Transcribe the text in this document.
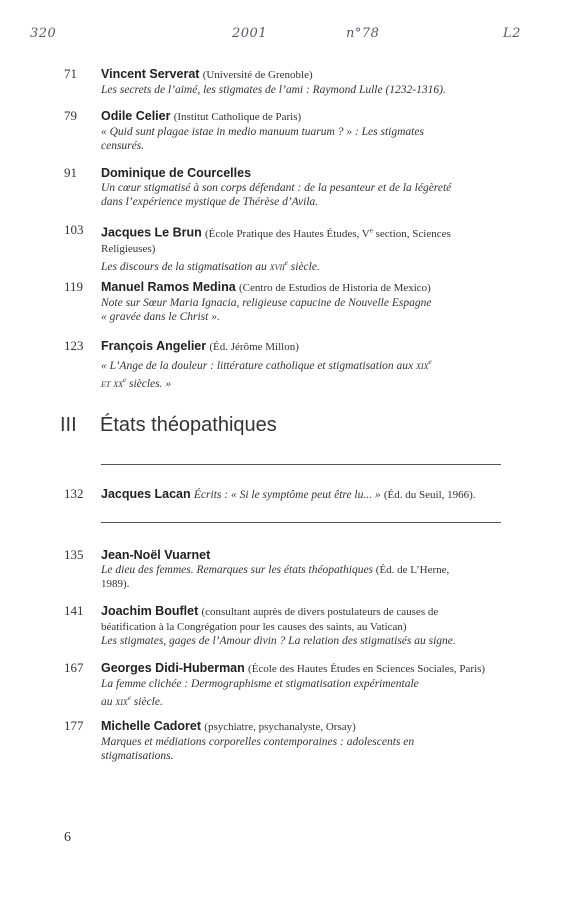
320	2001	n°78	L2
71	Vincent Serverat (Université de Grenoble)
Les secrets de l’aimé, les stigmates de l’ami : Raymond Lulle (1232-1316).
79	Odile Celier (Institut Catholique de Paris)
« Quid sunt plagae istae in medio manuum tuarum ? » : Les stigmates
censurés.
91	Dominique de Courcelles
Un cœur stigmatisé à son corps défendant : de la pesanteur et de la légèreté
dans l’expérience mystique de Thérèse d’Avila.
103	Jacques Le Brun (École Pratique des Hautes Études, Ve section, Sciences
Religieuses)
Les discours de la stigmatisation au xvii$^e$ siècle.
119	Manuel Ramos Medina (Centro de Estudios de Historia de Mexico)
Note sur Sœur Maria Ignacia, religieuse capucine de Nouvelle Espagne
« gravée dans le Christ ».
123	François Angelier (Éd. Jérôme Millon)
« L’Ange de la douleur : littérature catholique et stigmatisation aux xix$^e$
et $xx^e$ siècles. »
III États théopathiques
132	Jacques Lacan Écrits : « Si le symptôme peut être lu... » (Éd. du Seuil, 1966).
135	Jean-Noël Vuarnet
Le dieu des femmes. Remarques sur les états théopathiques (Éd. de L’Herne,
1989).
141	Joachim Bouflet (consultant auprès de divers postulateurs de causes de
béatification à la Congrégation pour les causes des saints, au Vatican)
Les stigmates, gages de l’Amour divin ? La relation des stigmatisés au signe.
167	Georges Didi-Huberman (École des Hautes Études en Sciences Sociales, Paris)
La femme clichée : Dermographisme et stigmatisation expérimentale
au xix$^e$ siècle.
177	Michelle Cadoret (psychiatre, psychanalyste, Orsay)
Marques et médiations corporelles contemporaines : adolescents en
stigmatisations.
6
